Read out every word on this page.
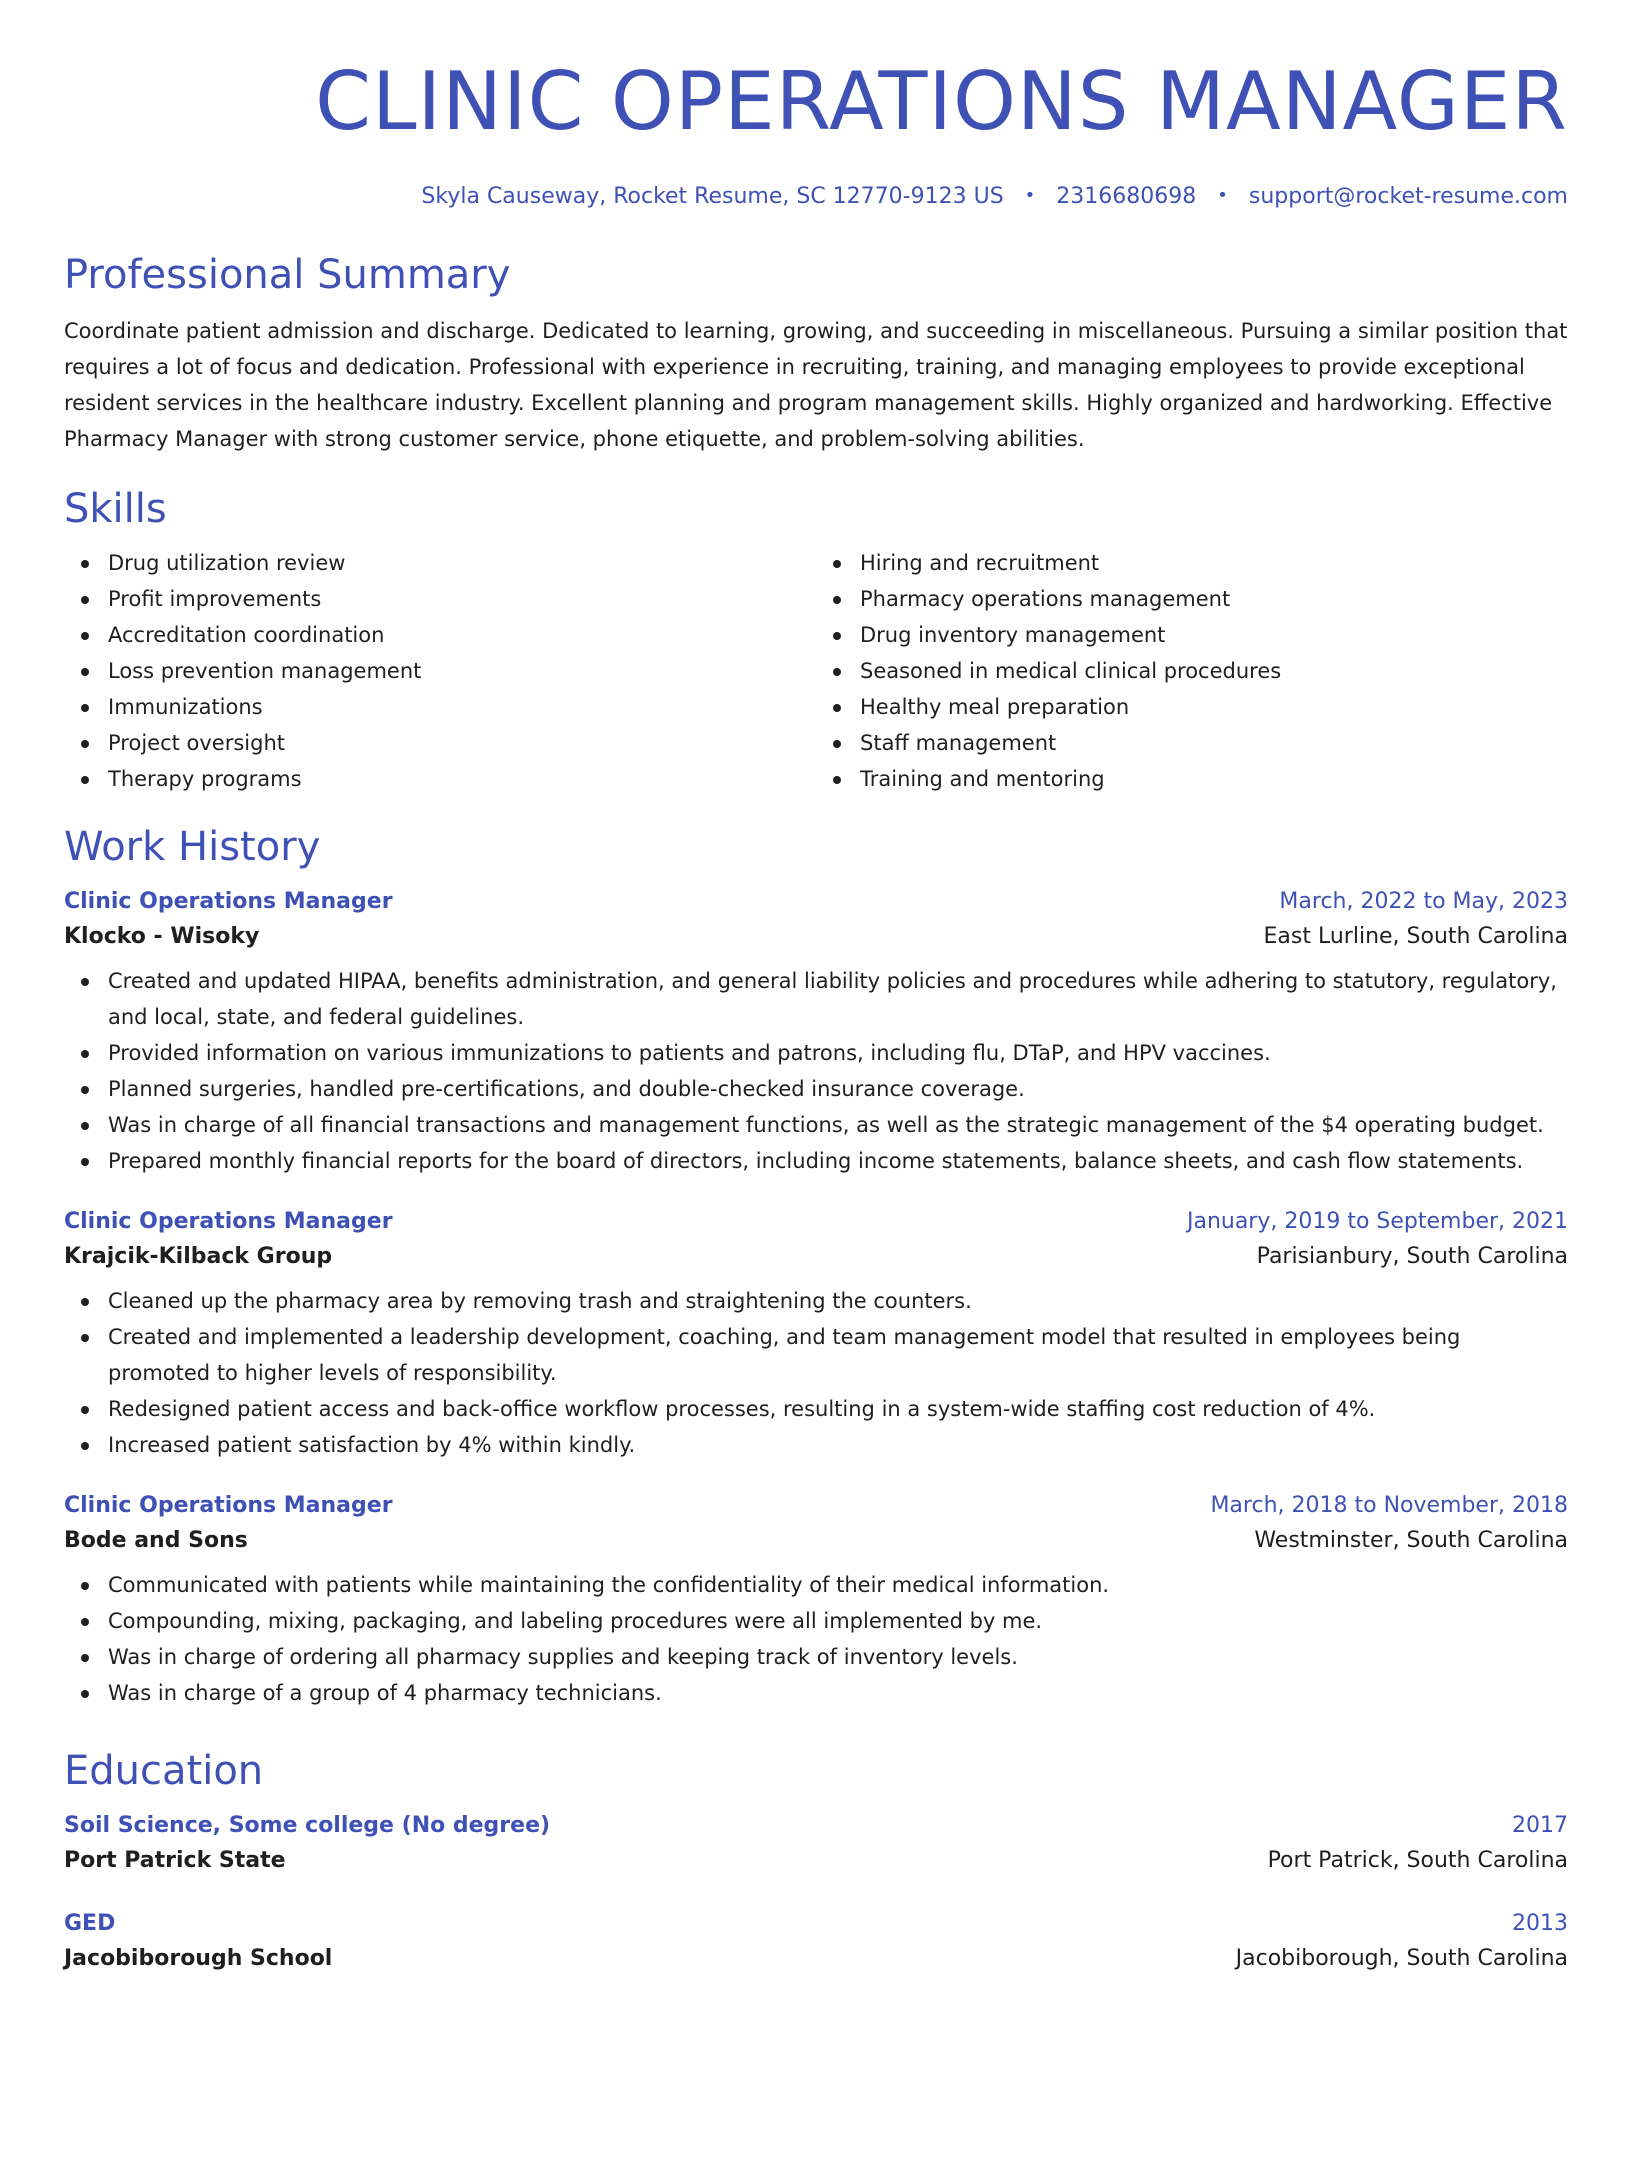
CLINIC OPERATIONS MANAGER
Skyla Causeway, Rocket Resume, SC 12770-9123 US • 2316680698 • support@rocket-resume.com
Professional Summary
Coordinate patient admission and discharge. Dedicated to learning, growing, and succeeding in miscellaneous. Pursuing a similar position that requires a lot of focus and dedication. Professional with experience in recruiting, training, and managing employees to provide exceptional resident services in the healthcare industry. Excellent planning and program management skills. Highly organized and hardworking. Effective Pharmacy Manager with strong customer service, phone etiquette, and problem-solving abilities.
Skills
Drug utilization review
Profit improvements
Accreditation coordination
Loss prevention management
Immunizations
Project oversight
Therapy programs
Hiring and recruitment
Pharmacy operations management
Drug inventory management
Seasoned in medical clinical procedures
Healthy meal preparation
Staff management
Training and mentoring
Work History
Clinic Operations Manager	March, 2022 to May, 2023
Klocko - Wisoky	East Lurline, South Carolina
Created and updated HIPAA, benefits administration, and general liability policies and procedures while adhering to statutory, regulatory, and local, state, and federal guidelines.
Provided information on various immunizations to patients and patrons, including flu, DTaP, and HPV vaccines.
Planned surgeries, handled pre-certifications, and double-checked insurance coverage.
Was in charge of all financial transactions and management functions, as well as the strategic management of the $4 operating budget.
Prepared monthly financial reports for the board of directors, including income statements, balance sheets, and cash flow statements.
Clinic Operations Manager	January, 2019 to September, 2021
Krajcik-Kilback Group	Parisianbury, South Carolina
Cleaned up the pharmacy area by removing trash and straightening the counters.
Created and implemented a leadership development, coaching, and team management model that resulted in employees being promoted to higher levels of responsibility.
Redesigned patient access and back-office workflow processes, resulting in a system-wide staffing cost reduction of 4%.
Increased patient satisfaction by 4% within kindly.
Clinic Operations Manager	March, 2018 to November, 2018
Bode and Sons	Westminster, South Carolina
Communicated with patients while maintaining the confidentiality of their medical information.
Compounding, mixing, packaging, and labeling procedures were all implemented by me.
Was in charge of ordering all pharmacy supplies and keeping track of inventory levels.
Was in charge of a group of 4 pharmacy technicians.
Education
Soil Science, Some college (No degree)	2017
Port Patrick State	Port Patrick, South Carolina
GED	2013
Jacobiborough School	Jacobiborough, South Carolina
